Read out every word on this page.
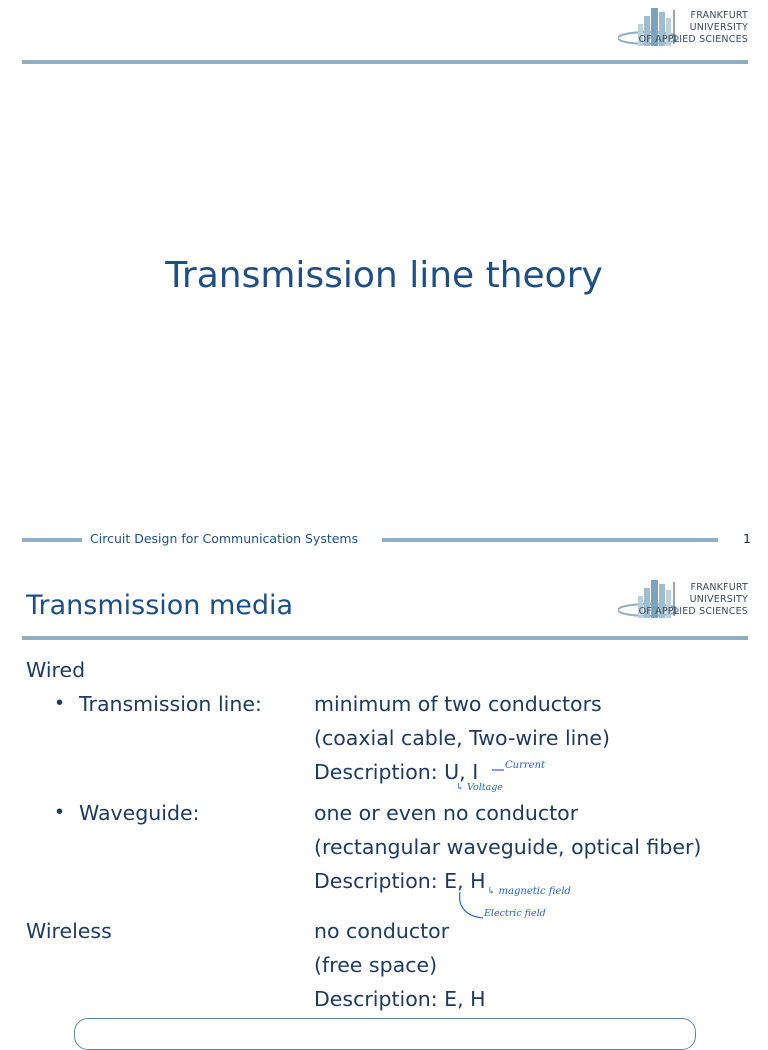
FRANKFURT
UNIVERSITY
OF APPLIED SCIENCES
Transmission line theory
Circuit Design for Communication Systems	1
Transmission media
FRANKFURT
UNIVERSITY
OF APPLIED SCIENCES
Wired
• Transmission line:	minimum of two conductors
(coaxial cable, Two-wire line)
Description: U, I	Current
↳ Voltage
• Waveguide:	one or even no conductor
(rectangular waveguide, optical fiber)
Description: E, H ↳ magnetic field
Electric field
Wireless	no conductor
(free space)
Description: E, H
